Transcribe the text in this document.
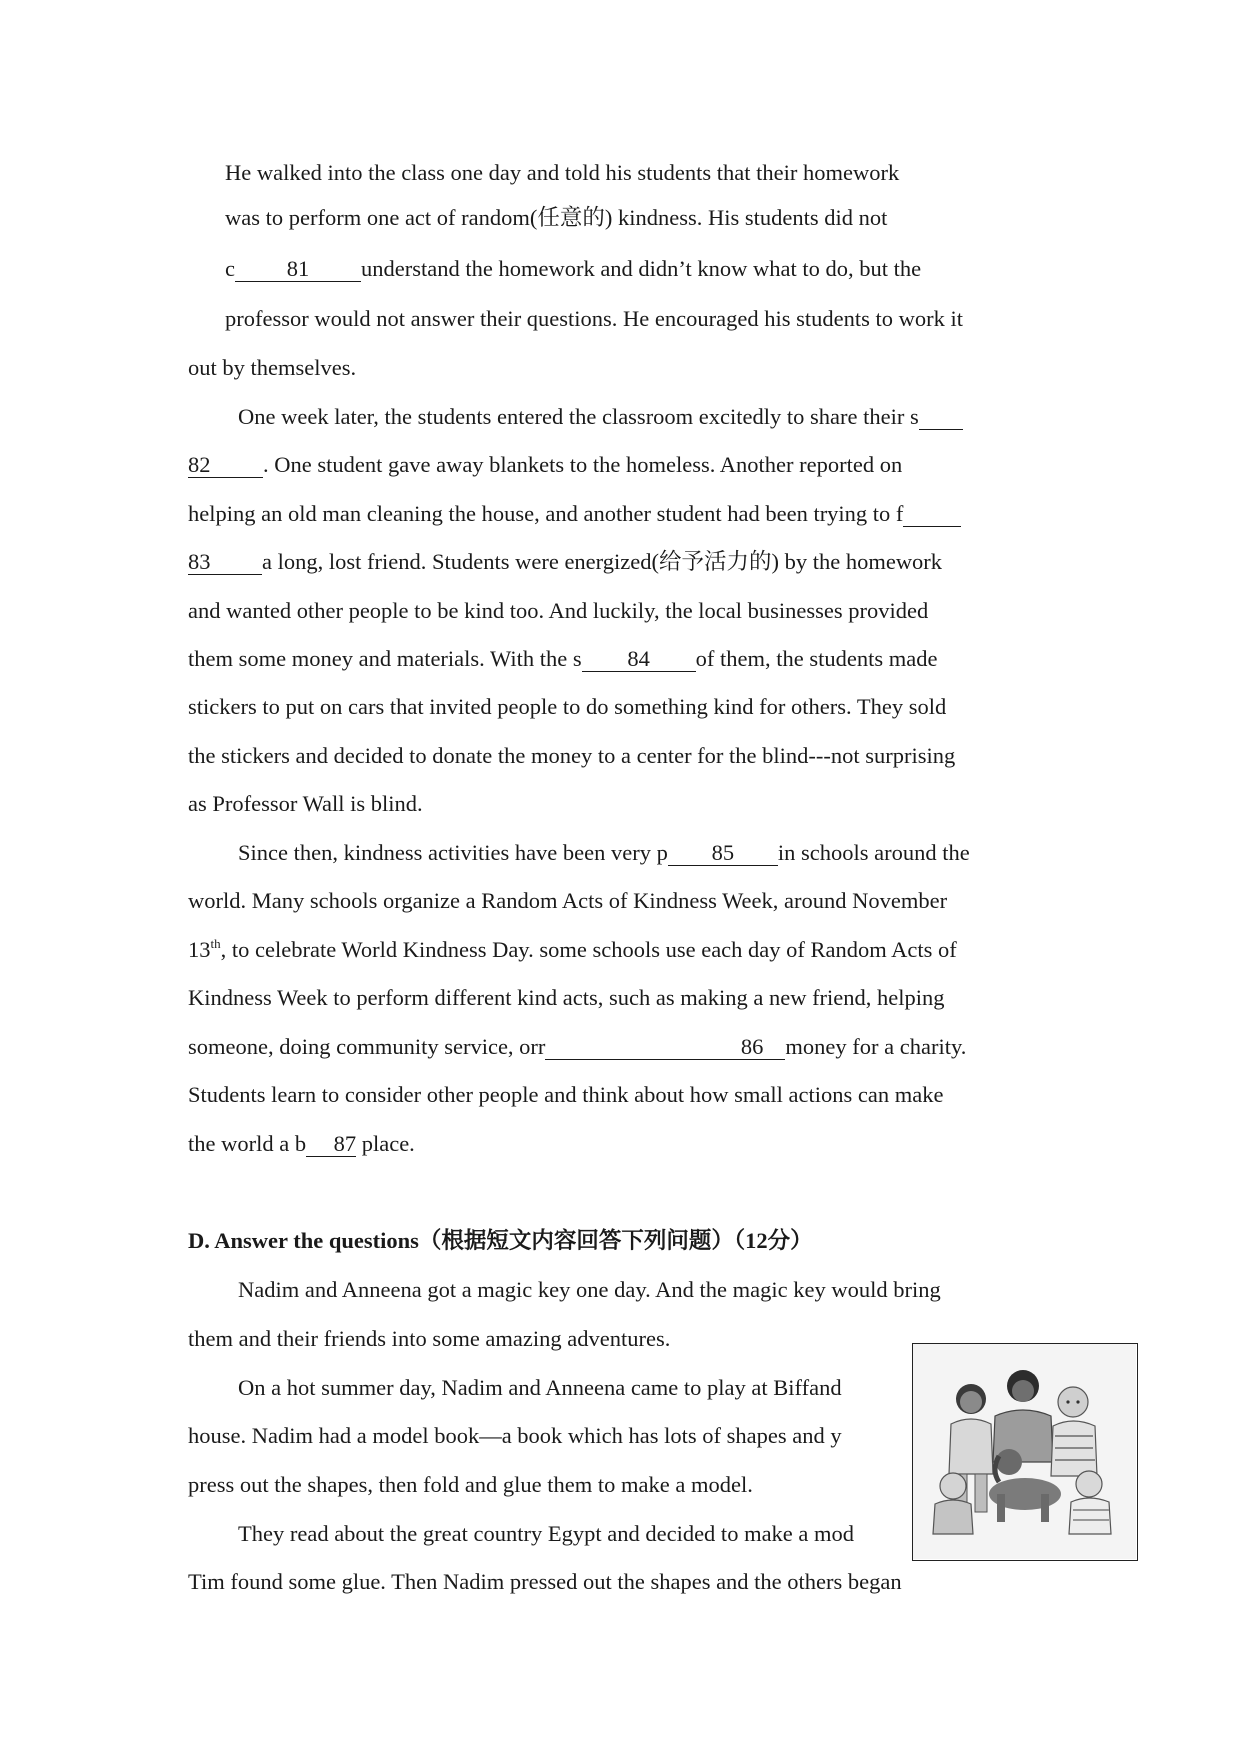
He walked into the class one day and told his students that their homework

was to perform one act of random(任意的) kindness. His students did not

c 81 understand the homework and didn’t know what to do, but the

professor would not answer their questions. He encouraged his students to work it

out by themselves.

One week later, the students entered the classroom excitedly to share their s

82 . One student gave away blankets to the homeless. Another reported on

helping an old man cleaning the house, and another student had been trying to f

83 a long, lost friend. Students were energized(给予活力的) by the homework

and wanted other people to be kind too. And luckily, the local businesses provided

them some money and materials. With the s 84 of them, the students made

stickers to put on cars that invited people to do something kind for others. They sold

the stickers and decided to donate the money to a center for the blind---not surprising

as Professor Wall is blind.

Since then, kindness activities have been very p 85 in schools around the

world. Many schools organize a Random Acts of Kindness Week, around November

13th, to celebrate World Kindness Day. some schools use each day of Random Acts of

Kindness Week to perform different kind acts, such as making a new friend, helping

someone, doing community service, orr	86 money for a charity.

Students learn to consider other people and think about how small actions can make

the world a b 87 place.

D. Answer the questions（根据短文内容回答下列问题）（12分）

Nadim and Anneena got a magic key one day. And the magic key would bring

them and their friends into some amazing adventures.

On a hot summer day, Nadim and Anneena came to play at Biffand

house. Nadim had a model book—a book which has lots of shapes and y

press out the shapes, then fold and glue them to make a model.

They read about the great country Egypt and decided to make a mod

Tim found some glue. Then Nadim pressed out the shapes and the others began
